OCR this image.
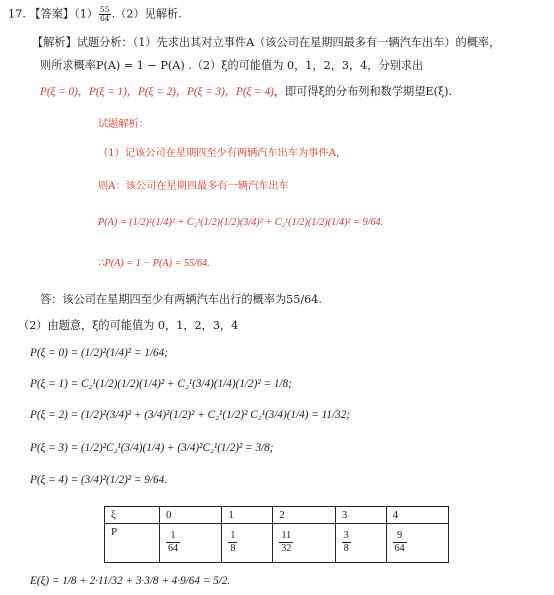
17. 【答案】$(1) \frac{55}{64} .(2)$见解析.
【解析】试题分析：（1）先求出其对立事件A（该公司在星期四最多有一辆汽车出车）的概率，
则所求概率P(A) = 1 − P(A) .（2）ξ的可能值为 0，1，2，3，4，分别求出
P(ξ = 0)，P(ξ = 1)，P(ξ = 2)，P(ξ = 3)，P(ξ = 4)，即可得ξ的分布列和数学期望E(ξ).
试题解析：
（1）记该公司在星期四至少有两辆汽车出车为事件A，
则A：该公司在星期四最多有一辆汽车出车
P(A) = (1/2)²(1/4)² + C₂¹(1/2)(1/2)(3/4)² + C₂¹(1/2)(1/2)(1/4)² = 9/64.
∴P(A) = 1 − P(A) = 55/64.
答：该公司在星期四至少有两辆汽车出行的概率为55/64.
（2）由题意，ξ的可能值为 0，1，2，3，4
P(ξ = 0) = (1/2)²(1/4)² = 1/64;
P(ξ = 1) = C₂¹(1/2)(1/2)(1/4)² + C₂¹(3/4)(1/4)(1/2)² = 1/8;
P(ξ = 2) = (1/2)²(3/4)² + (3/4)²(1/2)² + C₂¹(1/2)² C₂¹(3/4)(1/4) = 11/32;
P(ξ = 3) = (1/2)²C₂¹(3/4)(1/4) + (3/4)²C₂¹(1/2)² = 3/8;
P(ξ = 4) = (3/4)²(1/2)² = 9/64.
ξ	0	1	2	3	4
P	$\frac{1}{64}$	$\frac{1}{8}$	$\frac{11}{32}$	$\frac{3}{8}$	$\frac{9}{64}$
E(ξ) = 1/8 + 2·11/32 + 3·3/8 + 4·9/64 = 5/2.
